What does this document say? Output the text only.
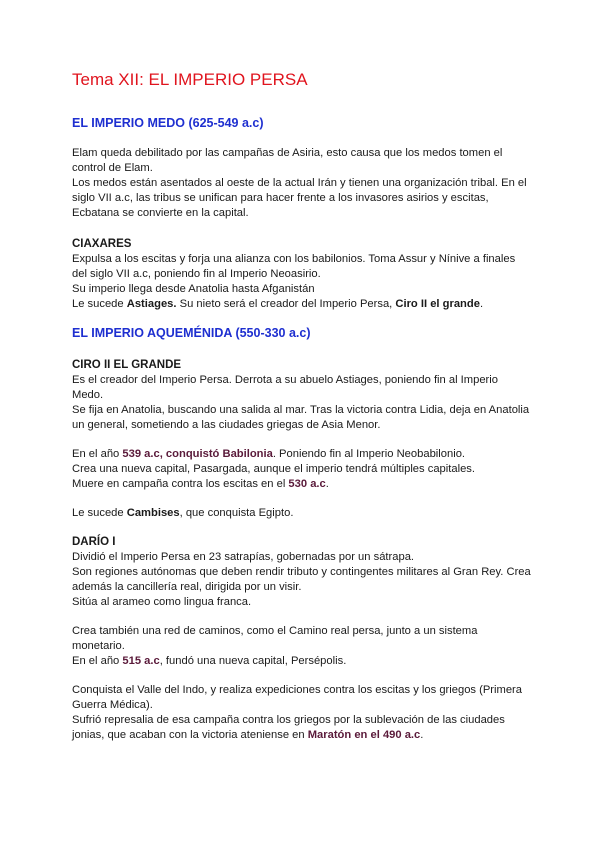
Tema XII: EL IMPERIO PERSA
EL IMPERIO MEDO (625-549 a.c)

Elam queda debilitado por las campañas de Asiria, esto causa que los medos tomen el control de Elam.

Los medos están asentados al oeste de la actual Irán y tienen una organización tribal. En el siglo VII a.c, las tribus se unifican para hacer frente a los invasores asirios y escitas, Ecbatana se convierte en la capital.

CIAXARES

Expulsa a los escitas y forja una alianza con los babilonios. Toma Assur y Nínive a finales del siglo VII a.c, poniendo fin al Imperio Neoasirio.

Su imperio llega desde Anatolia hasta Afganistán

Le sucede Astiages. Su nieto será el creador del Imperio Persa, Ciro II el grande.

EL IMPERIO AQUEMÉNIDA (550-330 a.c)
CIRO II EL GRANDE

Es el creador del Imperio Persa. Derrota a su abuelo Astiages, poniendo fin al Imperio Medo.

Se fija en Anatolia, buscando una salida al mar. Tras la victoria contra Lidia, deja en Anatolia un general, sometiendo a las ciudades griegas de Asia Menor.

En el año 539 a.c, conquistó Babilonia. Poniendo fin al Imperio Neobabilonio.

Crea una nueva capital, Pasargada, aunque el imperio tendrá múltiples capitales.

Muere en campaña contra los escitas en el 530 a.c.

Le sucede Cambises, que conquista Egipto.

DARÍO I

Dividió el Imperio Persa en 23 satrapías, gobernadas por un sátrapa.

Son regiones autónomas que deben rendir tributo y contingentes militares al Gran Rey. Crea además la cancillería real, dirigida por un visir.

Sitúa al arameo como lingua franca.

Crea también una red de caminos, como el Camino real persa, junto a un sistema monetario.

En el año 515 a.c, fundó una nueva capital, Persépolis.

Conquista el Valle del Indo, y realiza expediciones contra los escitas y los griegos (Primera Guerra Médica).

Sufrió represalia de esa campaña contra los griegos por la sublevación de las ciudades jonias, que acaban con la victoria ateniense en Maratón en el 490 a.c.
